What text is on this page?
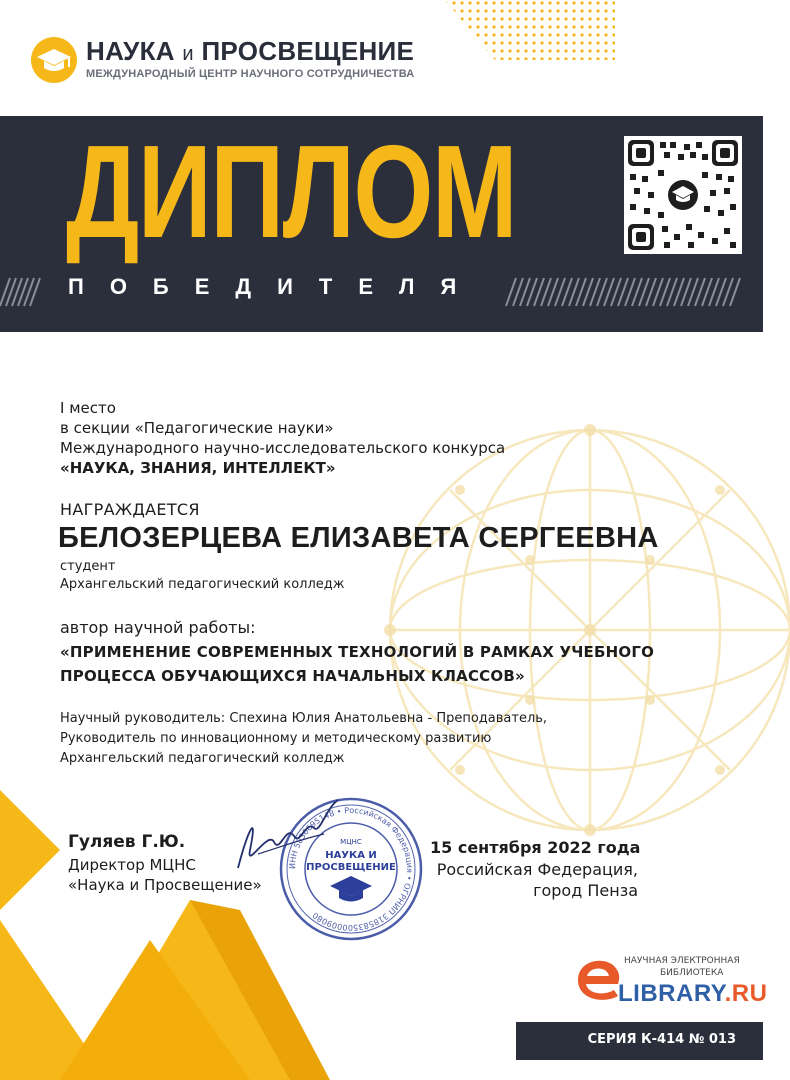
НАУКА и ПРОСВЕЩЕНИЕ
МЕЖДУНАРОДНЫЙ ЦЕНТР НАУЧНОГО СОТРУДНИЧЕСТВА
ДИПЛОМ
ПОБЕДИТЕЛЯ
I место
в секции «Педагогические науки»
Международного научно-исследовательского конкурса
«НАУКА, ЗНАНИЯ, ИНТЕЛЛЕКТ»
НАГРАЖДАЕТСЯ
БЕЛОЗЕРЦЕВА ЕЛИЗАВЕТА СЕРГЕЕВНА
студент
Архангельский педагогический колледж
автор научной работы:
«ПРИМЕНЕНИЕ СОВРЕМЕННЫХ ТЕХНОЛОГИЙ В РАМКАХ УЧЕБНОГО
ПРОЦЕССА ОБУЧАЮЩИХСЯ НАЧАЛЬНЫХ КЛАССОВ»
Научный руководитель: Спехина Юлия Анатольевна - Преподаватель,
Руководитель по инновационному и методическому развитию
Архангельский педагогический колледж
Гуляев Г.Ю.
Директор МЦНС
«Наука и Просвещение»
ИНН 5836695148 • Российская Федерация • ОГРНИП 318583500009080
МЦНС
НАУКА И
ПРОСВЕЩЕНИЕ
15 сентября 2022 года
Российская Федерация,
город Пенза
НАУЧНАЯ ЭЛЕКТРОННАЯ
БИБЛИОТЕКА
LIBRARY.RU
СЕРИЯ К-414 № 013
